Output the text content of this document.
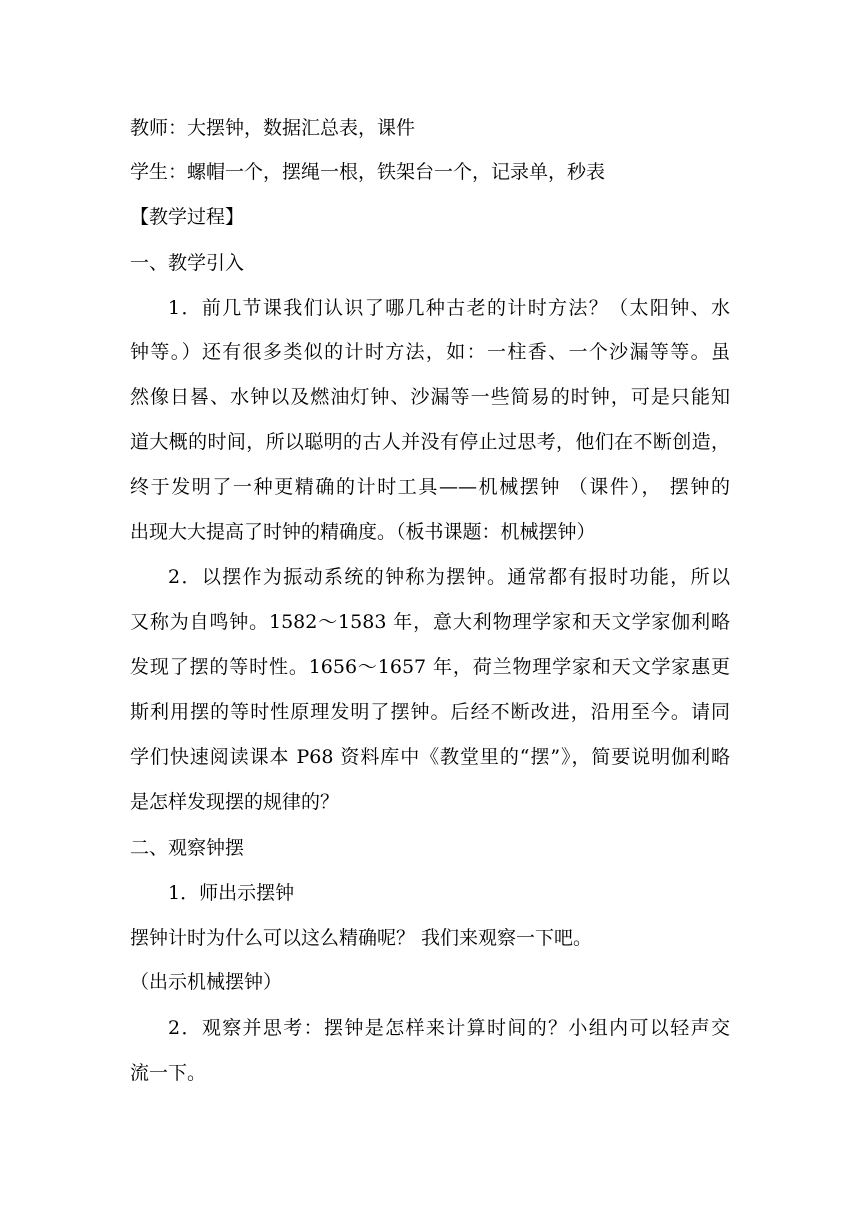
教师：大摆钟，数据汇总表，课件
学生：螺帽一个，摆绳一根，铁架台一个，记录单，秒表
【教学过程】
一、教学引入
1．前几节课我们认识了哪几种古老的计时方法？（太阳钟、水
钟等。）还有很多类似的计时方法，如：一柱香、一个沙漏等等。虽
然像日晷、水钟以及燃油灯钟、沙漏等一些简易的时钟，可是只能知
道大概的时间，所以聪明的古人并没有停止过思考，他们在不断创造，
终于发明了一种更精确的计时工具——机械摆钟 （课件）， 摆钟的
出现大大提高了时钟的精确度。（板书课题：机械摆钟）
2．以摆作为振动系统的钟称为摆钟。通常都有报时功能，所以
又称为自鸣钟。1582～1583 年，意大利物理学家和天文学家伽利略
发现了摆的等时性。1656～1657 年，荷兰物理学家和天文学家惠更
斯利用摆的等时性原理发明了摆钟。后经不断改进，沿用至今。请同
学们快速阅读课本 P68 资料库中《教堂里的“摆”》，简要说明伽利略
是怎样发现摆的规律的？
二、观察钟摆
1．师出示摆钟
摆钟计时为什么可以这么精确呢？ 我们来观察一下吧。
（出示机械摆钟）
2．观察并思考：摆钟是怎样来计算时间的？小组内可以轻声交
流一下。
